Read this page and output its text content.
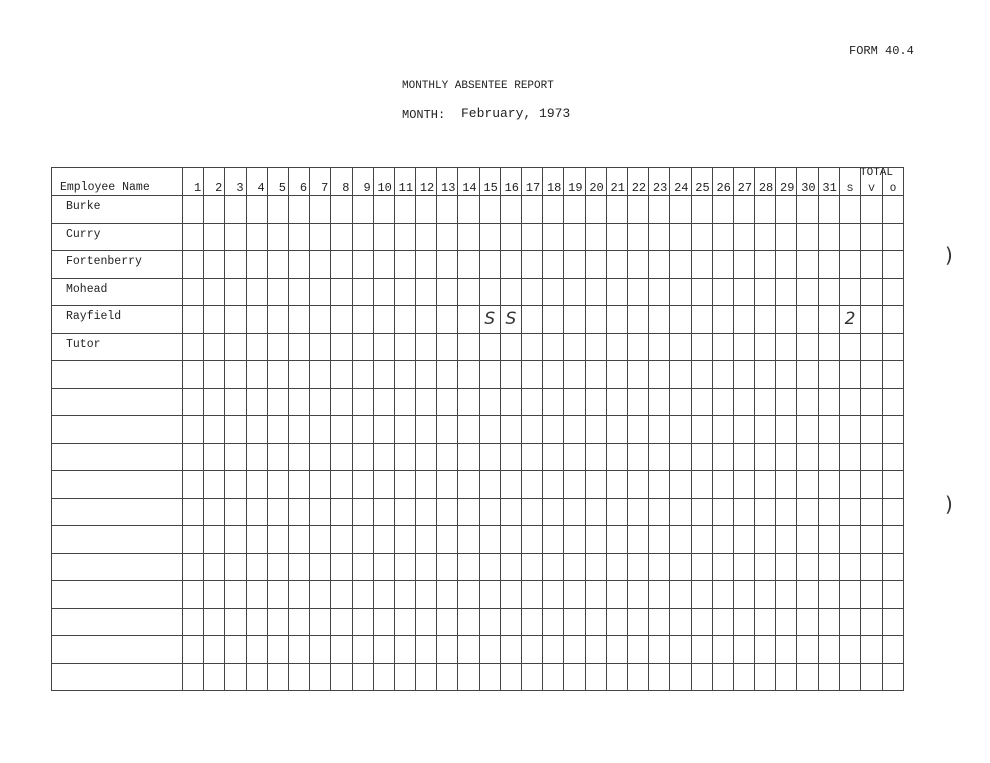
FORM 40.4
MONTHLY ABSENTEE REPORT
MONTH: February, 1973
TOTAL
Employee Name	1	2	3	4	5	6	7	8	9	10	11	12	13	14	15	16	17	18	19	20	21	22	23	24	25	26	27	28	29	30	31	S	V	O
Burke																																		
Curry																																		
Fortenberry																																		
Mohead																																		
Rayfield															S	S																2		
Tutor																																		

)
)
